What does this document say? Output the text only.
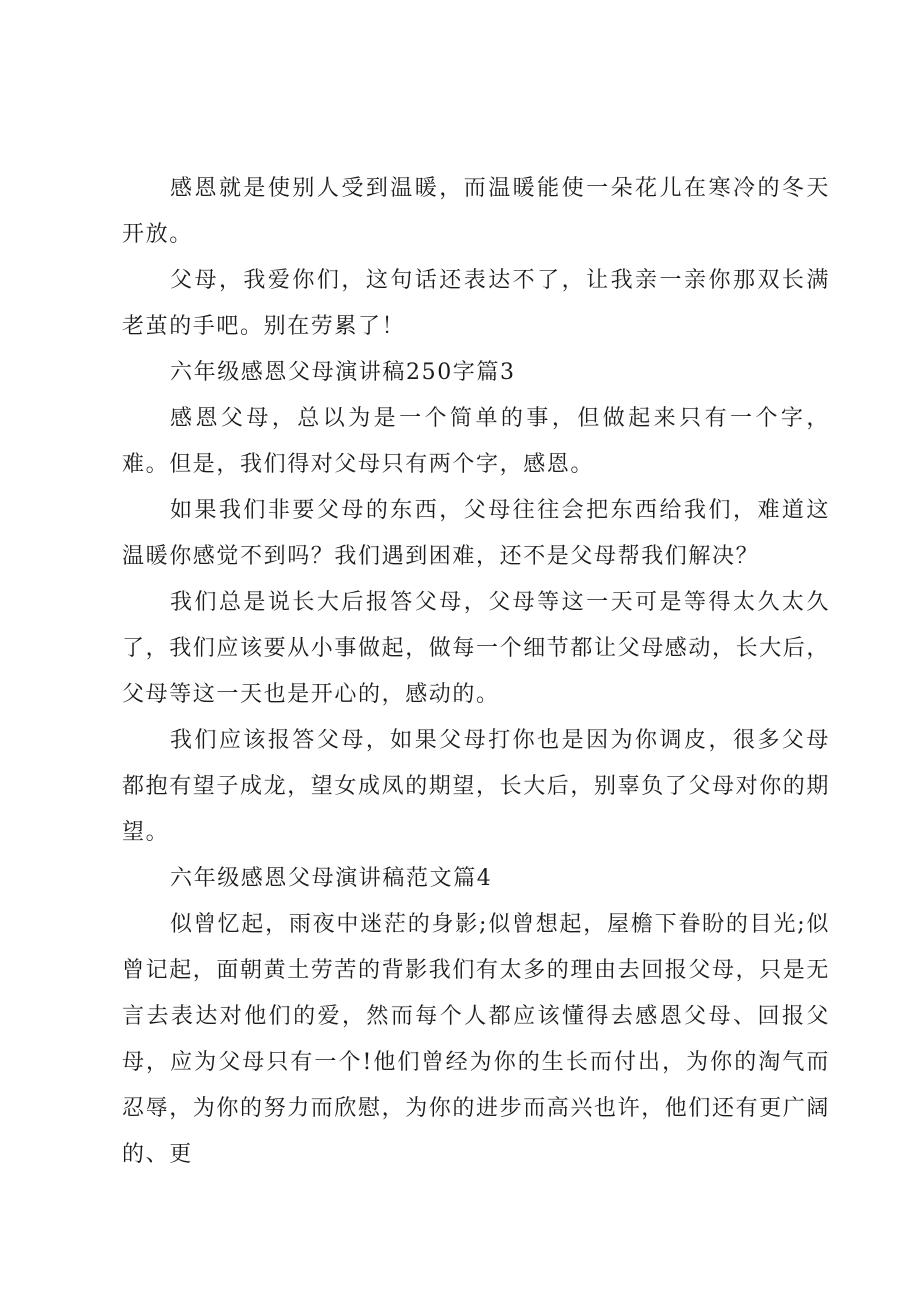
感恩就是使别人受到温暖，而温暖能使一朵花儿在寒冷的冬天开放。

父母，我爱你们，这句话还表达不了，让我亲一亲你那双长满老茧的手吧。别在劳累了！

六年级感恩父母演讲稿250字篇3

感恩父母，总以为是一个简单的事，但做起来只有一个字，难。但是，我们得对父母只有两个字，感恩。

如果我们非要父母的东西，父母往往会把东西给我们，难道这温暖你感觉不到吗？我们遇到困难，还不是父母帮我们解决？

我们总是说长大后报答父母，父母等这一天可是等得太久太久了，我们应该要从小事做起，做每一个细节都让父母感动，长大后，父母等这一天也是开心的，感动的。

我们应该报答父母，如果父母打你也是因为你调皮，很多父母都抱有望子成龙，望女成凤的期望，长大后，别辜负了父母对你的期望。

六年级感恩父母演讲稿范文篇4

似曾忆起，雨夜中迷茫的身影;似曾想起，屋檐下眷盼的目光;似曾记起，面朝黄土劳苦的背影我们有太多的理由去回报父母，只是无言去表达对他们的爱，然而每个人都应该懂得去感恩父母、回报父母，应为父母只有一个!他们曾经为你的生长而付出，为你的淘气而忍辱，为你的努力而欣慰，为你的进步而高兴也许，他们还有更广阔的、更
